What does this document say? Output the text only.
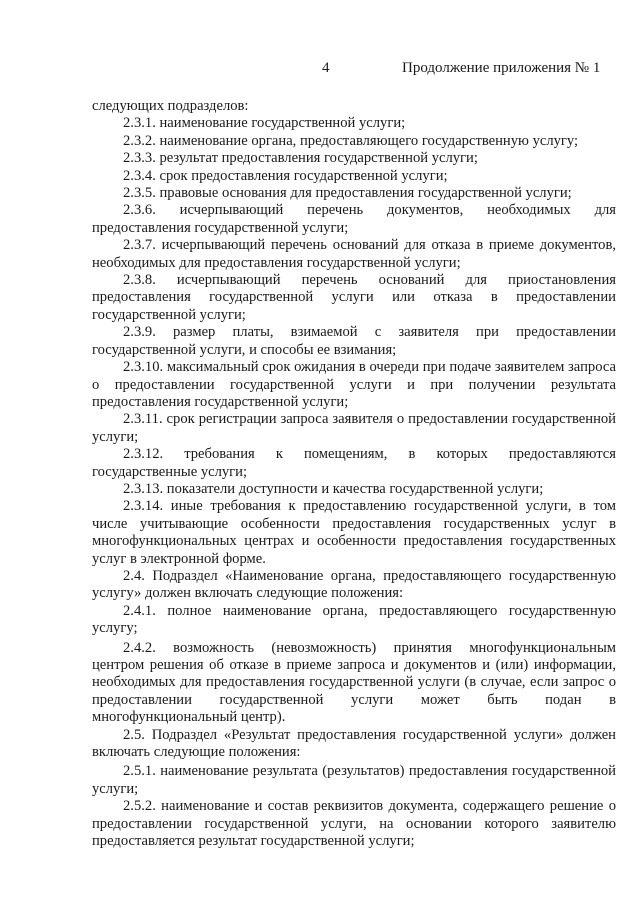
4	Продолжение приложения № 1

следующих подразделов:

2.3.1. наименование государственной услуги;

2.3.2. наименование органа, предоставляющего государственную услугу;

2.3.3. результат предоставления государственной услуги;

2.3.4. срок предоставления государственной услуги;

2.3.5. правовые основания для предоставления государственной услуги;

2.3.6. исчерпывающий перечень документов, необходимых для предоставления государственной услуги;

2.3.7. исчерпывающий перечень оснований для отказа в приеме документов, необходимых для предоставления государственной услуги;

2.3.8. исчерпывающий перечень оснований для приостановления предоставления государственной услуги или отказа в предоставлении государственной услуги;

2.3.9. размер платы, взимаемой с заявителя при предоставлении государственной услуги, и способы ее взимания;

2.3.10. максимальный срок ожидания в очереди при подаче заявителем запроса о предоставлении государственной услуги и при получении результата предоставления государственной услуги;

2.3.11. срок регистрации запроса заявителя о предоставлении государственной услуги;

2.3.12. требования к помещениям, в которых предоставляются государственные услуги;

2.3.13. показатели доступности и качества государственной услуги;

2.3.14. иные требования к предоставлению государственной услуги, в том числе учитывающие особенности предоставления государственных услуг в многофункциональных центрах и особенности предоставления государственных услуг в электронной форме.

2.4. Подраздел «Наименование органа, предоставляющего государственную услугу» должен включать следующие положения:

2.4.1. полное наименование органа, предоставляющего государственную услугу;

2.4.2. возможность (невозможность) принятия многофункциональным центром решения об отказе в приеме запроса и документов и (или) информации, необходимых для предоставления государственной услуги (в случае, если запрос о предоставлении государственной услуги может быть подан в многофункциональный центр).

2.5. Подраздел «Результат предоставления государственной услуги» должен включать следующие положения:

2.5.1. наименование результата (результатов) предоставления государственной услуги;

2.5.2. наименование и состав реквизитов документа, содержащего решение о предоставлении государственной услуги, на основании которого заявителю предоставляется результат государственной услуги;
